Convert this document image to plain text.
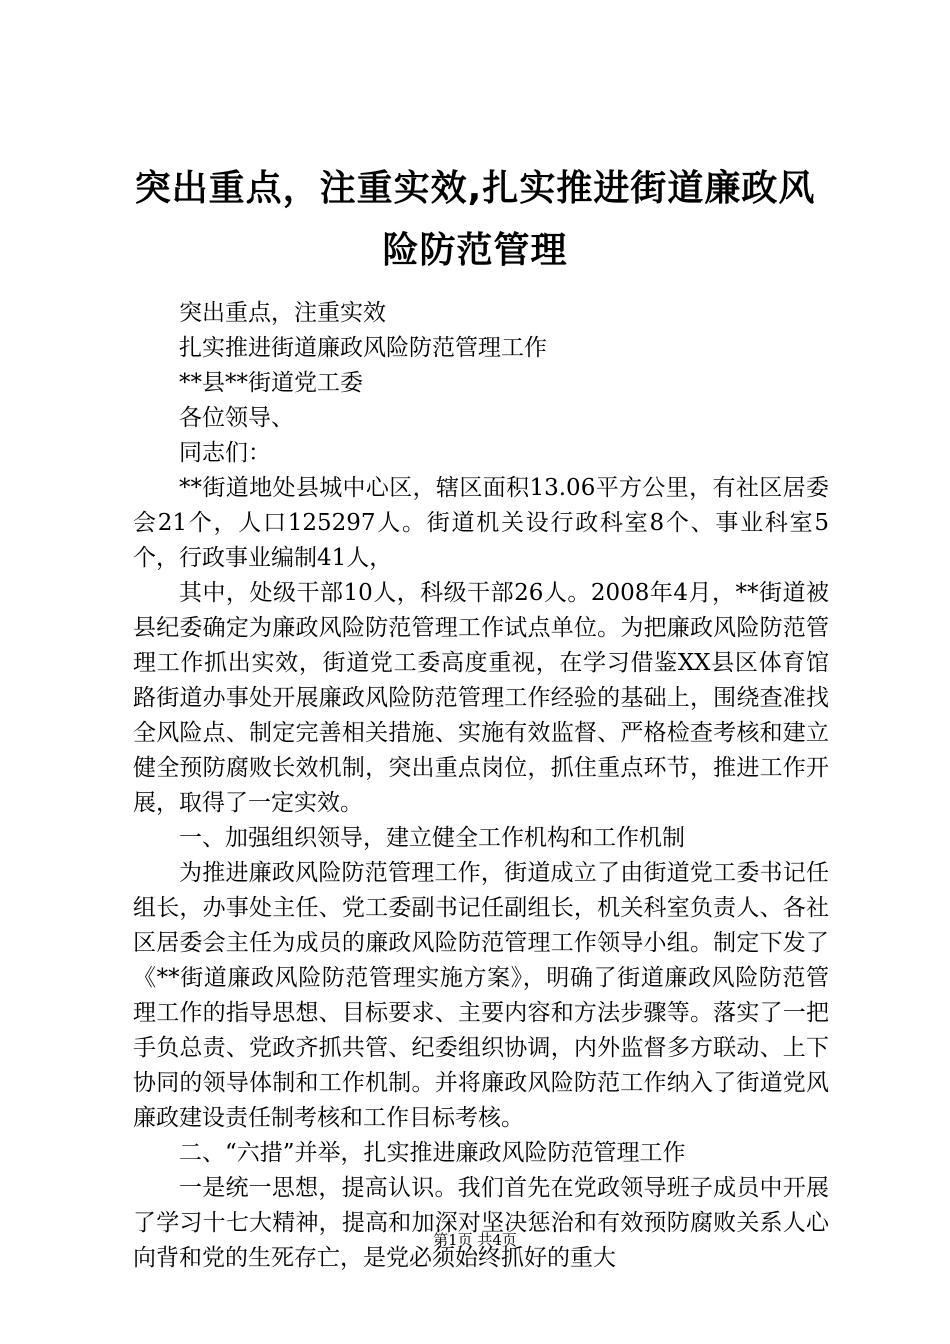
突出重点，注重实效,扎实推进街道廉政风险防范管理

突出重点，注重实效

扎实推进街道廉政风险防范管理工作

**县**街道党工委

各位领导、

同志们：

**街道地处县城中心区，辖区面积13.06平方公里，有社区居委会21个，人口125297人。街道机关设行政科室8个、事业科室5个，行政事业编制41人，

其中，处级干部10人，科级干部26人。2008年4月，**街道被县纪委确定为廉政风险防范管理工作试点单位。为把廉政风险防范管理工作抓出实效，街道党工委高度重视，在学习借鉴XX县区体育馆路街道办事处开展廉政风险防范管理工作经验的基础上，围绕查准找全风险点、制定完善相关措施、实施有效监督、严格检查考核和建立健全预防腐败长效机制，突出重点岗位，抓住重点环节，推进工作开展，取得了一定实效。

一、加强组织领导，建立健全工作机构和工作机制

为推进廉政风险防范管理工作，街道成立了由街道党工委书记任组长，办事处主任、党工委副书记任副组长，机关科室负责人、各社区居委会主任为成员的廉政风险防范管理工作领导小组。制定下发了《**街道廉政风险防范管理实施方案》，明确了街道廉政风险防范管理工作的指导思想、目标要求、主要内容和方法步骤等。落实了一把手负总责、党政齐抓共管、纪委组织协调，内外监督多方联动、上下协同的领导体制和工作机制。并将廉政风险防范工作纳入了街道党风廉政建设责任制考核和工作目标考核。

二、“六措”并举，扎实推进廉政风险防范管理工作

一是统一思想，提高认识。我们首先在党政领导班子成员中开展了学习十七大精神，提高和加深对坚决惩治和有效预防腐败关系人心向背和党的生死存亡，是党必须始终抓好的重大

第1页 共4页
